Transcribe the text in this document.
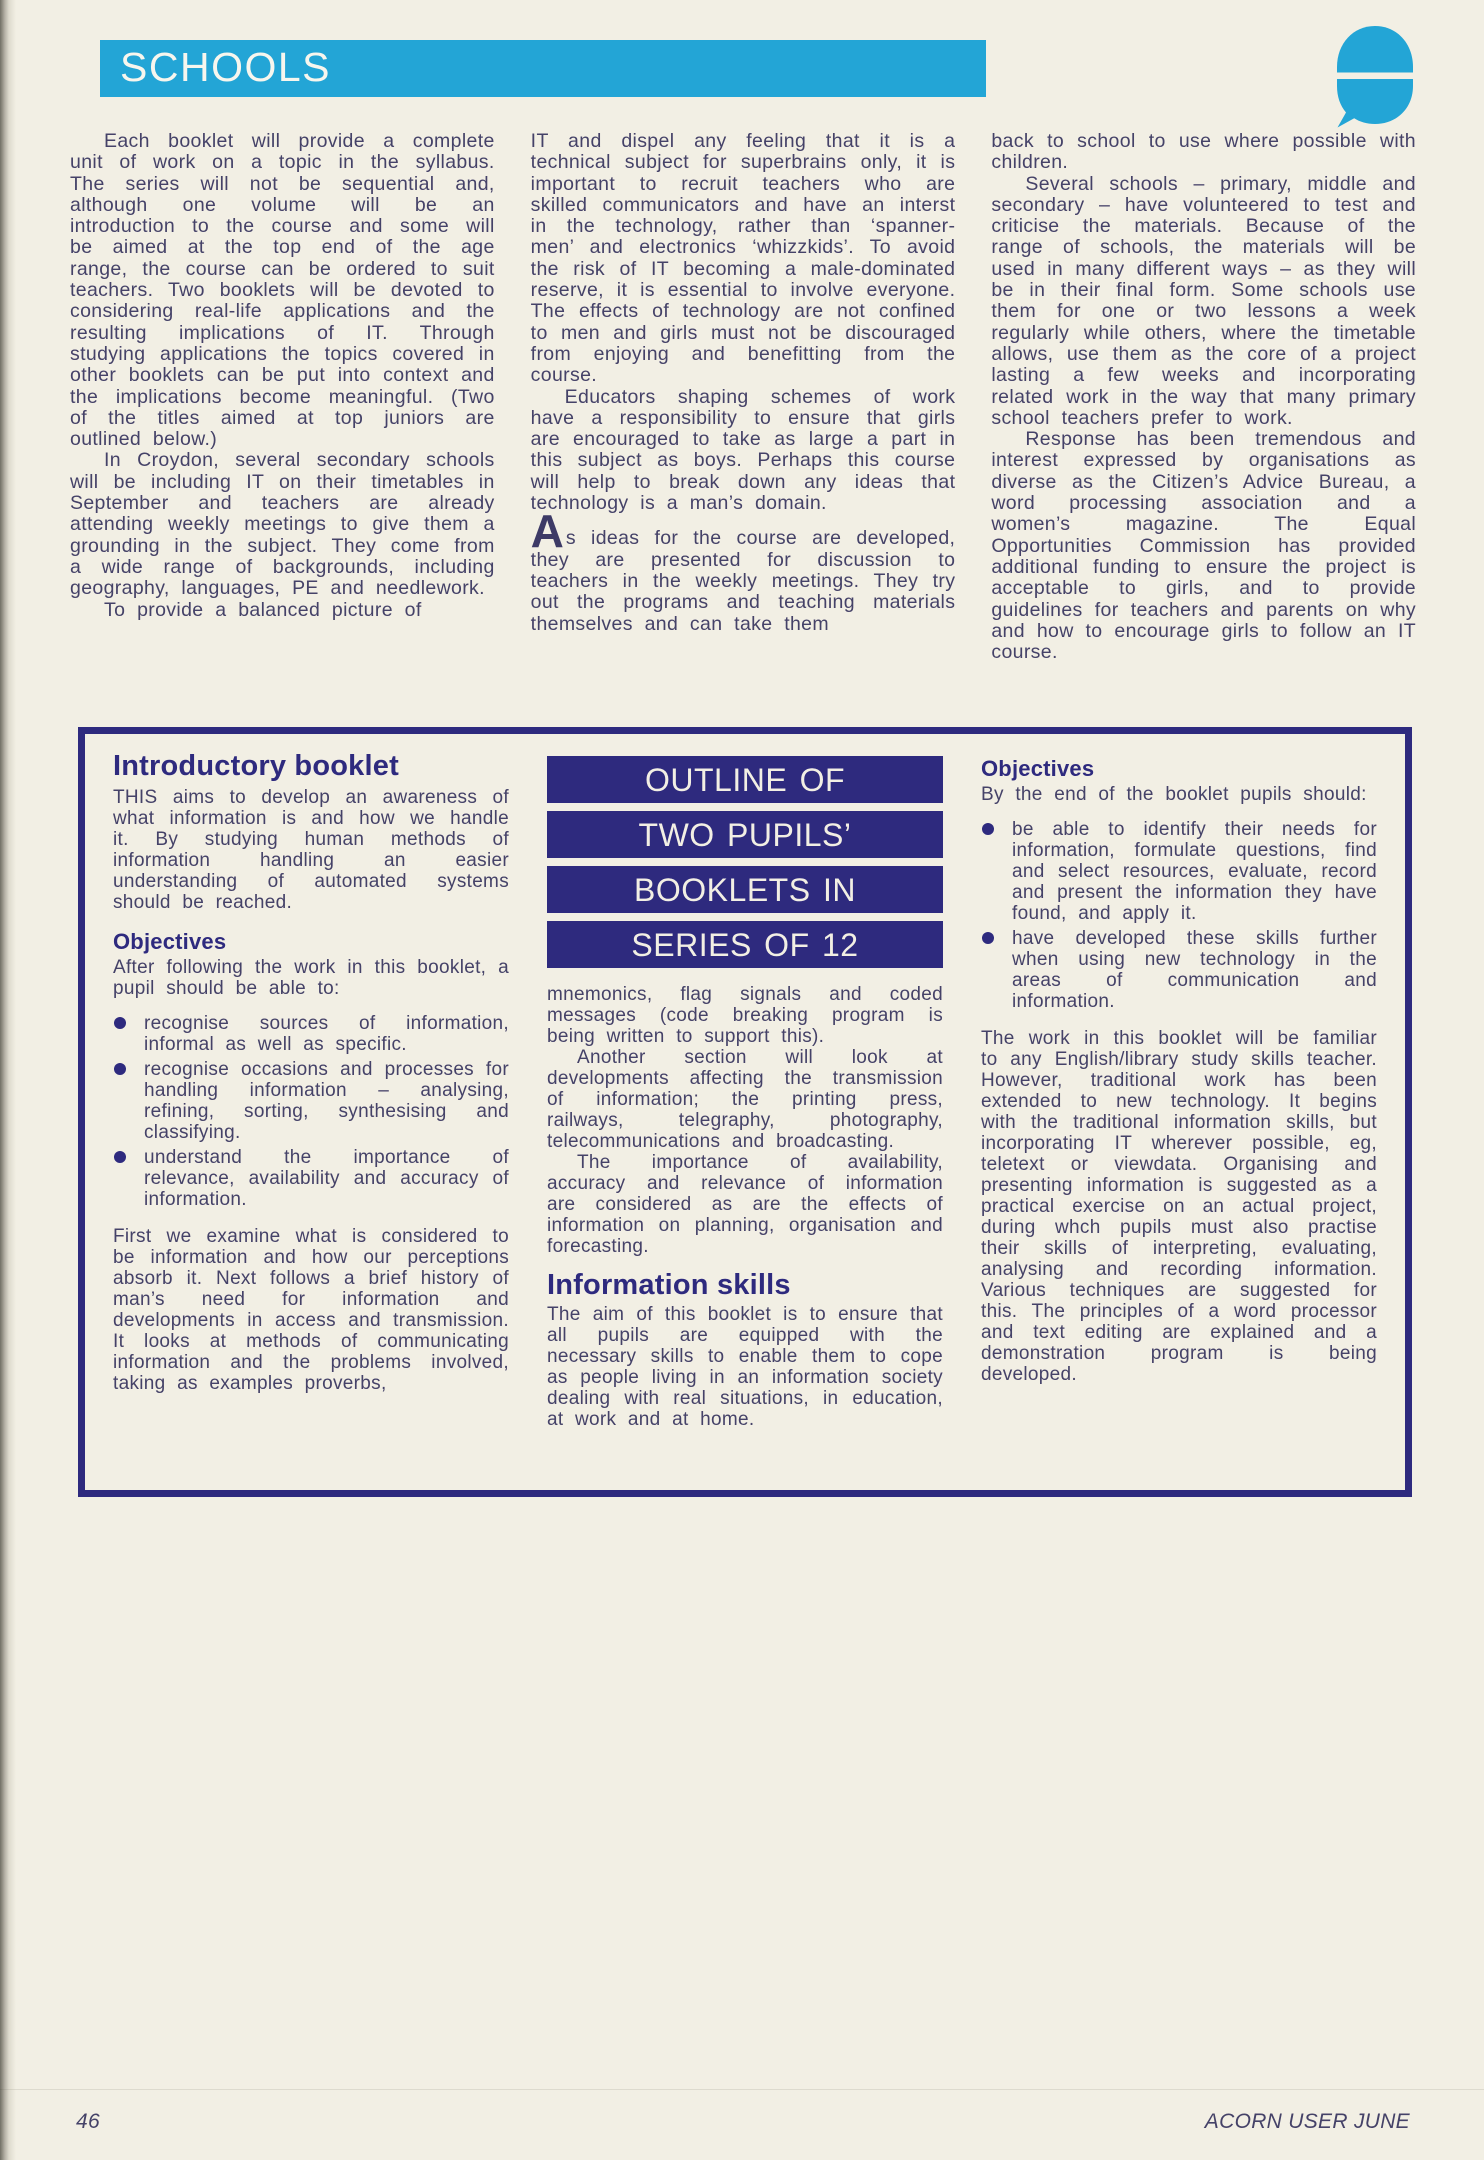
SCHOOLS

Each booklet will provide a complete unit of work on a topic in the syllabus. The series will not be sequential and, although one volume will be an introduction to the course and some will be aimed at the top end of the age range, the course can be ordered to suit teachers. Two booklets will be devoted to considering real-life applications and the resulting implications of IT. Through studying applications the topics covered in other booklets can be put into context and the implications become meaningful. (Two of the titles aimed at top juniors are outlined below.)

In Croydon, several secondary schools will be including IT on their timetables in September and teachers are already attending weekly meetings to give them a grounding in the subject. They come from a wide range of backgrounds, including geography, languages, PE and needlework.

To provide a balanced picture of

IT and dispel any feeling that it is a technical subject for superbrains only, it is important to recruit teachers who are skilled communicators and have an interst in the technology, rather than ‘spanner-men’ and electronics ‘whizzkids’. To avoid the risk of IT becoming a male-dominated reserve, it is essential to involve everyone. The effects of technology are not confined to men and girls must not be discouraged from enjoying and benefitting from the course.

Educators shaping schemes of work have a responsibility to ensure that girls are encouraged to take as large a part in this subject as boys. Perhaps this course will help to break down any ideas that technology is a man’s domain.

As ideas for the course are developed, they are presented for discussion to teachers in the weekly meetings. They try out the programs and teaching materials themselves and can take them

back to school to use where possible with children.

Several schools – primary, middle and secondary – have volunteered to test and criticise the materials. Because of the range of schools, the materials will be used in many different ways – as they will be in their final form. Some schools use them for one or two lessons a week regularly while others, where the timetable allows, use them as the core of a project lasting a few weeks and incorporating related work in the way that many primary school teachers prefer to work.

Response has been tremendous and interest expressed by organisations as diverse as the Citizen’s Advice Bureau, a word processing association and a women’s magazine. The Equal Opportunities Commission has provided additional funding to ensure the project is acceptable to girls, and to provide guidelines for teachers and parents on why and how to encourage girls to follow an IT course.

Introductory booklet

THIS aims to develop an awareness of what information is and how we handle it. By studying human methods of information handling an easier understanding of automated systems should be reached.

Objectives

After following the work in this booklet, a pupil should be able to:

recognise sources of information, informal as well as specific.
recognise occasions and processes for handling information – analysing, refining, sorting, synthesising and classifying.
understand the importance of relevance, availability and accuracy of information.

First we examine what is considered to be information and how our perceptions absorb it. Next follows a brief history of man’s need for information and developments in access and transmission. It looks at methods of communicating information and the problems involved, taking as examples proverbs,

OUTLINE OF
TWO PUPILS’
BOOKLETS IN
SERIES OF 12

mnemonics, flag signals and coded messages (code breaking program is being written to support this).

Another section will look at developments affecting the transmission of information; the printing press, railways, telegraphy, photography, telecommunications and broadcasting.

The importance of availability, accuracy and relevance of information are considered as are the effects of information on planning, organisation and forecasting.

Information skills

The aim of this booklet is to ensure that all pupils are equipped with the necessary skills to enable them to cope as people living in an information society dealing with real situations, in education, at work and at home.

Objectives

By the end of the booklet pupils should:

be able to identify their needs for information, formulate questions, find and select resources, evaluate, record and present the information they have found, and apply it.
have developed these skills further when using new technology in the areas of communication and information.

The work in this booklet will be familiar to any English/library study skills teacher. However, traditional work has been extended to new technology. It begins with the traditional information skills, but incorporating IT wherever possible, eg, teletext or viewdata. Organising and presenting information is suggested as a practical exercise on an actual project, during whch pupils must also practise their skills of interpreting, evaluating, analysing and recording information. Various techniques are suggested for this. The principles of a word processor and text editing are explained and a demonstration program is being developed.

46	ACORN USER JUNE
